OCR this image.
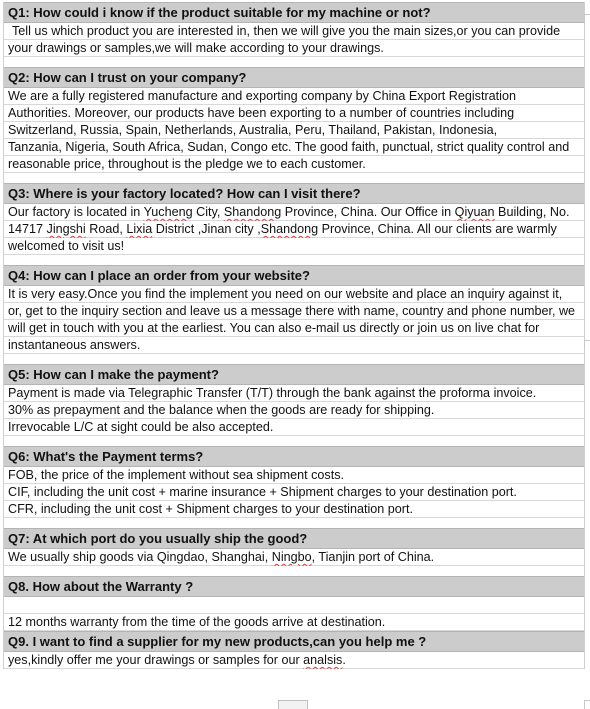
Q1: How could i know if the product suitable for my machine or not?
Tell us which product you are interested in, then we will give you the main sizes,or you can provide
your drawings or samples,we will make according to your drawings.
Q2: How can I trust on your company?
We are a fully registered manufacture and exporting company by China Export Registration
Authorities. Moreover, our products have been exporting to a number of countries including
Switzerland, Russia, Spain, Netherlands, Australia, Peru, Thailand, Pakistan, Indonesia,
Tanzania, Nigeria, South Africa, Sudan, Congo etc. The good faith, punctual, strict quality control and
reasonable price, throughout is the pledge we to each customer.
Q3: Where is your factory located? How can I visit there?
Our factory is located in Yucheng City, Shandong Province, China. Our Office in Qiyuan Building, No.
14717 Jingshi Road, Lixia District ,Jinan city ,Shandong Province, China. All our clients are warmly
welcomed to visit us!
Q4: How can I place an order from your website?
It is very easy.Once you find the implement you need on our website and place an inquiry against it,
or, get to the inquiry section and leave us a message there with name, country and phone number, we
will get in touch with you at the earliest. You can also e-mail us directly or join us on live chat for
instantaneous answers.
Q5: How can I make the payment?
Payment is made via Telegraphic Transfer (T/T) through the bank against the proforma invoice.
30% as prepayment and the balance when the goods are ready for shipping.
Irrevocable L/C at sight could be also accepted.
Q6: What's the Payment terms?
FOB, the price of the implement without sea shipment costs.
CIF, including the unit cost + marine insurance + Shipment charges to your destination port.
CFR, including the unit cost + Shipment charges to your destination port.
Q7: At which port do you usually ship the good?
We usually ship goods via Qingdao, Shanghai, Ningbo, Tianjin port of China.
Q8. How about the Warranty ?
12 months warranty from the time of the goods arrive at destination.
Q9. I want to find a supplier for my new products,can you help me ?
yes,kindly offer me your drawings or samples for our analsis.
